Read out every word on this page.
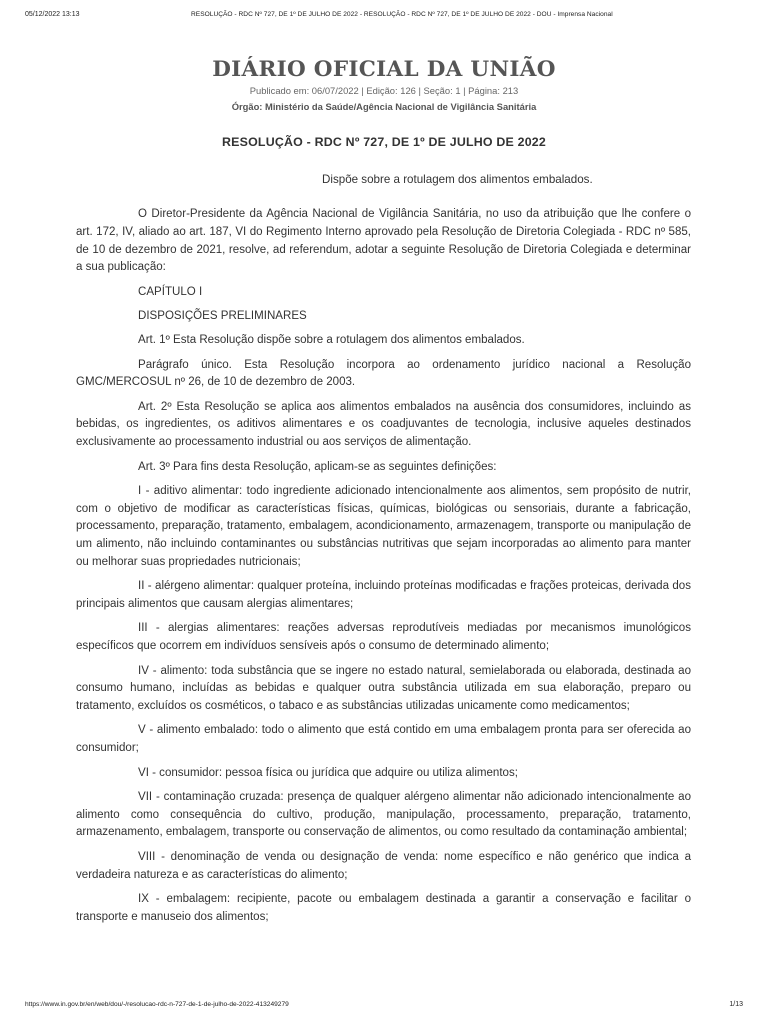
05/12/2022 13:13	RESOLUÇÃO - RDC Nº 727, DE 1º DE JULHO DE 2022 - RESOLUÇÃO - RDC Nº 727, DE 1º DE JULHO DE 2022 - DOU - Imprensa Nacional
DIÁRIO OFICIAL DA UNIÃO
Publicado em: 06/07/2022 | Edição: 126 | Seção: 1 | Página: 213
Órgão: Ministério da Saúde/Agência Nacional de Vigilância Sanitária
RESOLUÇÃO - RDC Nº 727, DE 1º DE JULHO DE 2022
Dispõe sobre a rotulagem dos alimentos embalados.

O Diretor-Presidente da Agência Nacional de Vigilância Sanitária, no uso da atribuição que lhe confere o art. 172, IV, aliado ao art. 187, VI do Regimento Interno aprovado pela Resolução de Diretoria Colegiada - RDC nº 585, de 10 de dezembro de 2021, resolve, ad referendum, adotar a seguinte Resolução de Diretoria Colegiada e determinar a sua publicação:

CAPÍTULO I

DISPOSIÇÕES PRELIMINARES

Art. 1º Esta Resolução dispõe sobre a rotulagem dos alimentos embalados.

Parágrafo único. Esta Resolução incorpora ao ordenamento jurídico nacional a Resolução GMC/MERCOSUL nº 26, de 10 de dezembro de 2003.

Art. 2º Esta Resolução se aplica aos alimentos embalados na ausência dos consumidores, incluindo as bebidas, os ingredientes, os aditivos alimentares e os coadjuvantes de tecnologia, inclusive aqueles destinados exclusivamente ao processamento industrial ou aos serviços de alimentação.

Art. 3º Para fins desta Resolução, aplicam-se as seguintes definições:

I - aditivo alimentar: todo ingrediente adicionado intencionalmente aos alimentos, sem propósito de nutrir, com o objetivo de modificar as características físicas, químicas, biológicas ou sensoriais, durante a fabricação, processamento, preparação, tratamento, embalagem, acondicionamento, armazenagem, transporte ou manipulação de um alimento, não incluindo contaminantes ou substâncias nutritivas que sejam incorporadas ao alimento para manter ou melhorar suas propriedades nutricionais;

II - alérgeno alimentar: qualquer proteína, incluindo proteínas modificadas e frações proteicas, derivada dos principais alimentos que causam alergias alimentares;

III - alergias alimentares: reações adversas reprodutíveis mediadas por mecanismos imunológicos específicos que ocorrem em indivíduos sensíveis após o consumo de determinado alimento;

IV - alimento: toda substância que se ingere no estado natural, semielaborada ou elaborada, destinada ao consumo humano, incluídas as bebidas e qualquer outra substância utilizada em sua elaboração, preparo ou tratamento, excluídos os cosméticos, o tabaco e as substâncias utilizadas unicamente como medicamentos;

V - alimento embalado: todo o alimento que está contido em uma embalagem pronta para ser oferecida ao consumidor;

VI - consumidor: pessoa física ou jurídica que adquire ou utiliza alimentos;

VII - contaminação cruzada: presença de qualquer alérgeno alimentar não adicionado intencionalmente ao alimento como consequência do cultivo, produção, manipulação, processamento, preparação, tratamento, armazenamento, embalagem, transporte ou conservação de alimentos, ou como resultado da contaminação ambiental;

VIII - denominação de venda ou designação de venda: nome específico e não genérico que indica a verdadeira natureza e as características do alimento;

IX - embalagem: recipiente, pacote ou embalagem destinada a garantir a conservação e facilitar o transporte e manuseio dos alimentos;

https://www.in.gov.br/en/web/dou/-/resolucao-rdc-n-727-de-1-de-julho-de-2022-413249279	1/13
